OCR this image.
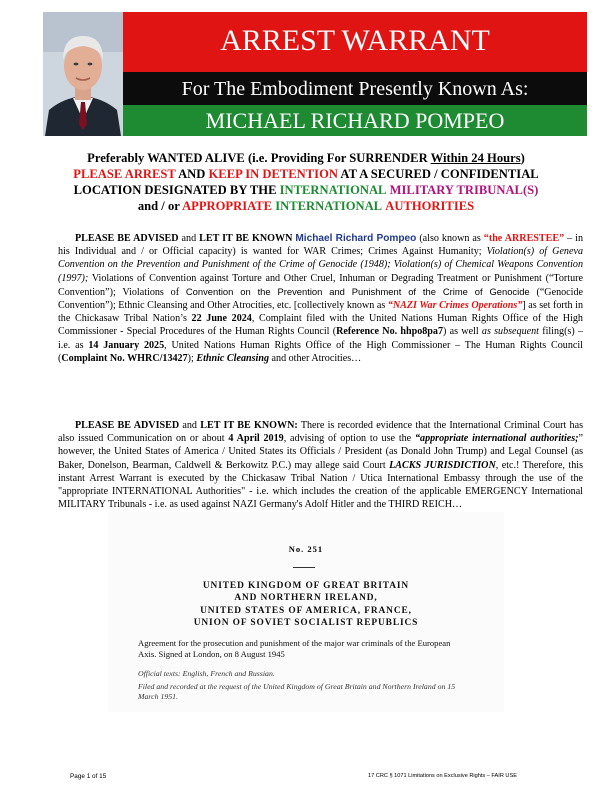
ARREST WARRANT
For The Embodiment Presently Known As:
MICHAEL RICHARD POMPEO
Preferably WANTED ALIVE (i.e. Providing For SURRENDER Within 24 Hours)
PLEASE ARREST AND KEEP IN DETENTION AT A SECURED / CONFIDENTIAL
LOCATION DESIGNATED BY THE INTERNATIONAL MILITARY TRIBUNAL(S)
and / or APPROPRIATE INTERNATIONAL AUTHORITIES
PLEASE BE ADVISED and LET IT BE KNOWN Michael Richard Pompeo (also known as “the ARRESTEE” – in his Individual and / or Official capacity) is wanted for WAR Crimes; Crimes Against Humanity; Violation(s) of Geneva Convention on the Prevention and Punishment of the Crime of Genocide (1948); Violation(s) of Chemical Weapons Convention (1997); Violations of Convention against Torture and Other Cruel, Inhuman or Degrading Treatment or Punishment (“Torture Convention”); Violations of Convention on the Prevention and Punishment of the Crime of Genocide (“Genocide Convention”); Ethnic Cleansing and Other Atrocities, etc. [collectively known as “NAZI War Crimes Operations”] as set forth in the Chickasaw Tribal Nation’s 22 June 2024, Complaint filed with the United Nations Human Rights Office of the High Commissioner - Special Procedures of the Human Rights Council (Reference No. hhpo8pa7) as well as subsequent filing(s) – i.e. as 14 January 2025, United Nations Human Rights Office of the High Commissioner – The Human Rights Council (Complaint No. WHRC/13427); Ethnic Cleansing and other Atrocities…
PLEASE BE ADVISED and LET IT BE KNOWN: There is recorded evidence that the International Criminal Court has also issued Communication on or about 4 April 2019, advising of option to use the “appropriate international authorities;” however, the United States of America / United States its Officials / President (as Donald John Trump) and Legal Counsel (as Baker, Donelson, Bearman, Caldwell & Berkowitz P.C.) may allege said Court LACKS JURISDICTION, etc.! Therefore, this instant Arrest Warrant is executed by the Chickasaw Tribal Nation / Utica International Embassy through the use of the "appropriate INTERNATIONAL Authorities" - i.e. which includes the creation of the applicable EMERGENCY International MILITARY Tribunals - i.e. as used against NAZI Germany's Adolf Hitler and the THIRD REICH…
No. 251
UNITED KINGDOM OF GREAT BRITAIN
AND NORTHERN IRELAND,
UNITED STATES OF AMERICA, FRANCE,
UNION OF SOVIET SOCIALIST REPUBLICS
Agreement for the prosecution and punishment of the major war criminals of the European Axis. Signed at London, on 8 August 1945
Official texts: English, French and Russian.
Filed and recorded at the request of the United Kingdom of Great Britain and Northern Ireland on 15 March 1951.
Page 1 of 15	17 CRC § 1071 Limitations on Exclusive Rights – FAIR USE
